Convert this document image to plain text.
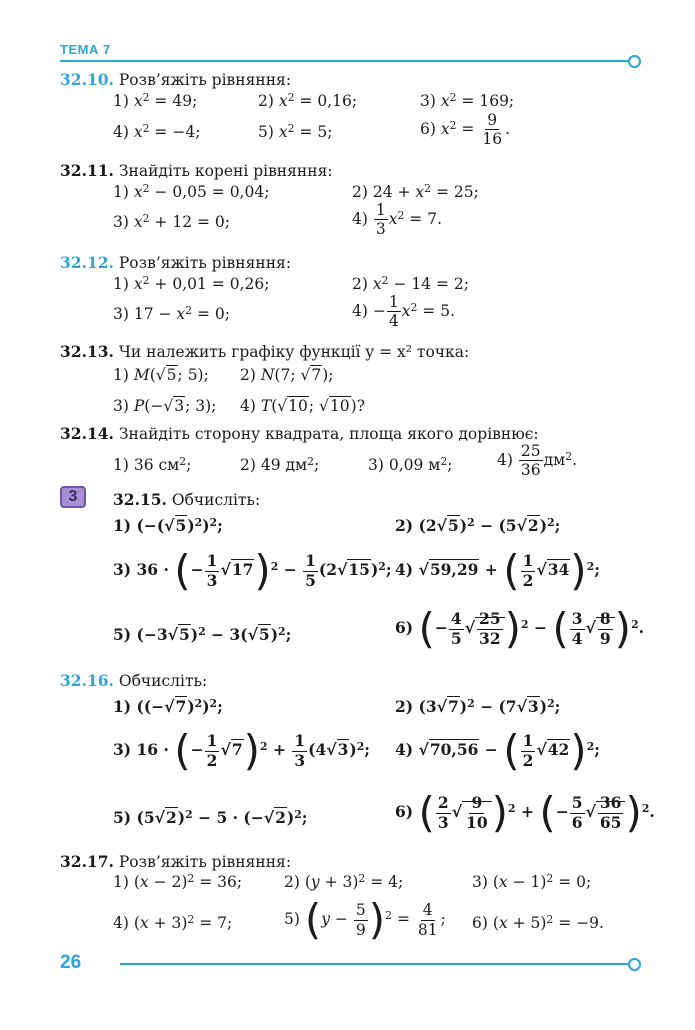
ТЕМА 7
32.10. Розв’яжіть рівняння:
1) $x^2 = 49$;	2) $x^2 = 0,16$;	3) $x^2 = 169$;
4) $x^2 = -4$;	5) $x^2 = 5$;	6) $x^2 = \frac{9}{16}$ .
32.11. Знайдіть корені рівняння:
1) $x^2 - 0,05 = 0,04$;	2) $24 + x^2 = 25$;
3) $x^2 + 12 = 0$;	$4) \frac{1}{3} x^2 = 7$.
32.12. Розв’яжіть рівняння:
1) $x^2 + 0,01 = 0,26$;	2) $x^2 - 14 = 2$;
3) $17 - x^2 = 0$;	$4) - \frac{1}{4} x^2 = 5$.
32.13. Чи належить графіку функції y = x² точка:
1) M(√5; 5); 2) N(7; √7);
3) P(−√3; 3); 4) T(√10; √10)?
32.14. Знайдіть сторону квадрата, площа якого дорівнює:
1) 36 $см^2$;	2) 49 $дм^2$;	3) 0,09 $м^2$;	$4) \frac{25}{36} дм^2$.
3	32.15. Обчисліть:
1) $(-(√5)^2)^2$;	2) $(2√5)^2 - (5√2)^2$;
3) 36 · (− $\frac{1}{3} √17)^2 - \frac{1}{5} (2√15)^2$; 4) √59,29 + ( $\frac{1}{2} √34)^2$;
5) $(-3√5)^2 - 3(√5)^2$;	6) (− $\frac{4}{5}$ √ $\frac{25}{32} )^2$ − ( $\frac{3}{4}$ √ $\frac{8}{9} )^2$.
32.16. Обчисліть:
1) $((-√7)^2)^2$;	2) $(3√7)^2 - (7√3)^2$;
3) 16 · (− $\frac{1}{2} √7)^2 + \frac{1}{3} (4√3)^2$; 4) √70,56 − ( $\frac{1}{2} √42)^2$;
5) $(5√2)^2 - 5 \cdot (-√2)^2$;	6) ( $\frac{2}{3}$ √ $\frac{9}{10} )^2$ + (− $\frac{5}{6}$ √ $\frac{36}{65} )^2$.
32.17. Розв’яжіть рівняння:
1) $(x - 2)^2 = 36$;	2) $(y + 3)^2 = 4$;	3) $(x - 1)^2 = 0$;
4) $(x + 3)^2 = 7$;	5) $(y - \frac{5}{9} )^2 = \frac{4}{81}$ ; 6) $(x + 5)^2 = -9$.
26
